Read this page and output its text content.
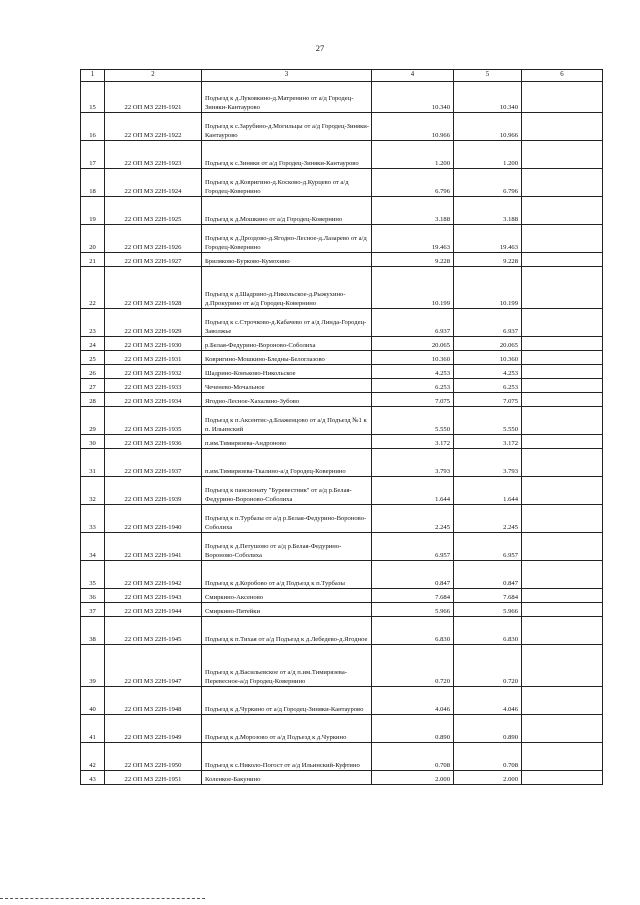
27
1	2	3	4	5	6
15	22 ОП МЗ 22Н-1921	Подъезд к д.Луковкино-д.Матренино от а/д Городец-Зиняки-Кантаурово	10.340	10.340	
16	22 ОП МЗ 22Н-1922	Подъезд к с.Зарубино-д.Могильцы от а/д Городец-Зиняки-Кантаурово	10.966	10.966	
17	22 ОП МЗ 22Н-1923	Подъезд к с.Зиняки от а/д Городец-Зиняки-Кантаурово	1.200	1.200	
18	22 ОП МЗ 22Н-1924	Подъезд к д.Ковригино-д.Косково-д.Курцево от а/д Городец-Ковернино	6.796	6.796	
19	22 ОП МЗ 22Н-1925	Подъезд к д.Мошкино от а/д Городец-Ковернино	3.188	3.188	
20	22 ОП МЗ 22Н-1926	Подъезд к д.Дроздово-д.Ягодно-Лесное-д.Лазарево от а/д Городец-Ковернино	19.463	19.463	
21	22 ОП МЗ 22Н-1927	Бриляково-Бурково-Кумохино	9.228	9.228	
22	22 ОП МЗ 22Н-1928	Подъезд к д.Шадрино-д.Никольское-д.Рыжухино-д.Прокурино от а/д Городец-Ковернино	10.199	10.199	
23	22 ОП МЗ 22Н-1929	Подъезд к с.Строчково-д.Кабачево от а/д Линда-Городец-Заволжье	6.937	6.937	
24	22 ОП МЗ 22Н-1930	р.Белая-Федурино-Вороново-Соболиха	20.065	20.065	
25	22 ОП МЗ 22Н-1931	Ковригино-Мошкино-Бледны-Белоглазово	10.360	10.360	
26	22 ОП МЗ 22Н-1932	Шадрино-Конъково-Никольское	4.253	4.253	
27	22 ОП МЗ 22Н-1933	Чеченево-Мочальное	6.253	6.253	
28	22 ОП МЗ 22Н-1934	Ягодно-Лесное-Хахалино-Зубово	7.075	7.075	
29	22 ОП МЗ 22Н-1935	Подъезд к п.Аксентис-д.Блаженцово от а/д Подъезд №1 к п. Ильинский	5.550	5.550	
30	22 ОП МЗ 22Н-1936	п.им.Тимирязева-Андроново	3.172	3.172	
31	22 ОП МЗ 22Н-1937	п.им.Тимирязева-Ткалино-а/д Городец-Ковернино	3.793	3.793	
32	22 ОП МЗ 22Н-1939	Подъезд к пансионату "Буревестник" от а/д р.Белая-Федурино-Вороново-Соболиха	1.644	1.644	
33	22 ОП МЗ 22Н-1940	Подъезд к п.Турбазы от а/д р.Белая-Федурино-Вороново-Соболиха	2.245	2.245	
34	22 ОП МЗ 22Н-1941	Подъезд к д.Петушово от а/д р.Белая-Федурино-Вороново-Соболиха	6.957	6.957	
35	22 ОП МЗ 22Н-1942	Подъезд к д.Коробово от а/д Подъезд к п.Турбазы	0.847	0.847	
36	22 ОП МЗ 22Н-1943	Смиркино-Аксеново	7.684	7.684	
37	22 ОП МЗ 22Н-1944	Смиркино-Пятейки	5.966	5.966	
38	22 ОП МЗ 22Н-1945	Подъезд к п.Тихая от а/д Подъезд к д.Лебедево-д.Ягодное	6.830	6.830	
39	22 ОП МЗ 22Н-1947	Подъезд к д.Васильевское от а/д п.им.Тимирязева-Перевесное-а/д Городец-Ковернино	0.720	0.720	
40	22 ОП МЗ 22Н-1948	Подъезд к д.Чуркино от а/д Городец-Зиняки-Кантаурово	4.046	4.046	
41	22 ОП МЗ 22Н-1949	Подъезд к д.Морозово от а/д Подъезд к д.Чуркино	0.890	0.890	
42	22 ОП МЗ 22Н-1950	Подъезд к с.Николо-Погост от а/д Ильинский-Куфтино	0.708	0.708	
43	22 ОП МЗ 22Н-1951	Коленкое-Бакунино	2.000	2.000	
